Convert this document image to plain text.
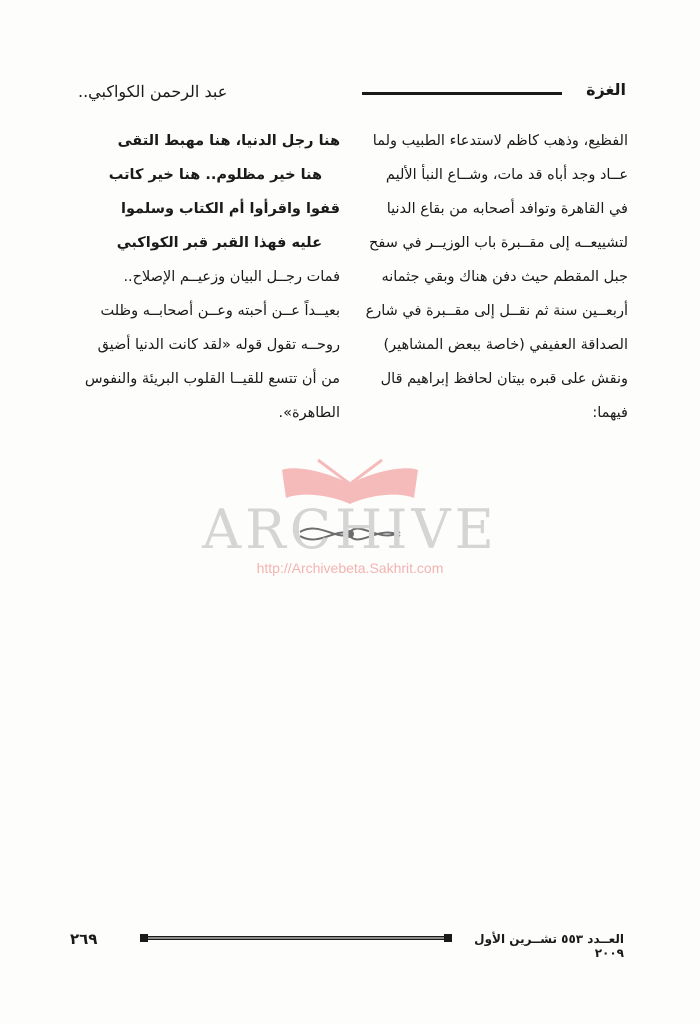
عبد الرحمن الكواكبي..	الغزة
الفظيع، وذهب كاظم لاستدعاء الطبيب ولما
عــاد وجد أباه قد مات، وشــاع النبأ الأليم
في القاهرة وتوافد أصحابه من بقاع الدنيا
لتشييعــه إلى مقــبرة باب الوزيــر في سفح
جبل المقطم حيث دفن هناك وبقي جثمانه
أربعــين سنة ثم نقــل إلى مقــبرة في شارع
الصداقة العفيفي (خاصة ببعض المشاهير)
ونقش على قبره بيتان لحافظ إبراهيم قال
فيهما:
هنا رجل الدنيا، هنا مهبط التقى
هنا خير مظلوم.. هنا خير كاتب
قفوا واقرأوا أم الكتاب وسلموا
عليه فهذا القبر قبر الكواكبي
فمات رجــل البيان وزعيــم الإصلاح..
بعيــداً عــن أحبته وعــن أصحابــه وظلت
روحــه تقول قوله «لقد كانت الدنيا أضيق
من أن تتسع للقيــا القلوب البريئة والنفوس
الطاهرة».
ARCHIVE
http://Archivebeta.Sakhrit.com
العــدد ٥٥٣ تشــرين الأول ٢٠٠٩
٢٦٩
